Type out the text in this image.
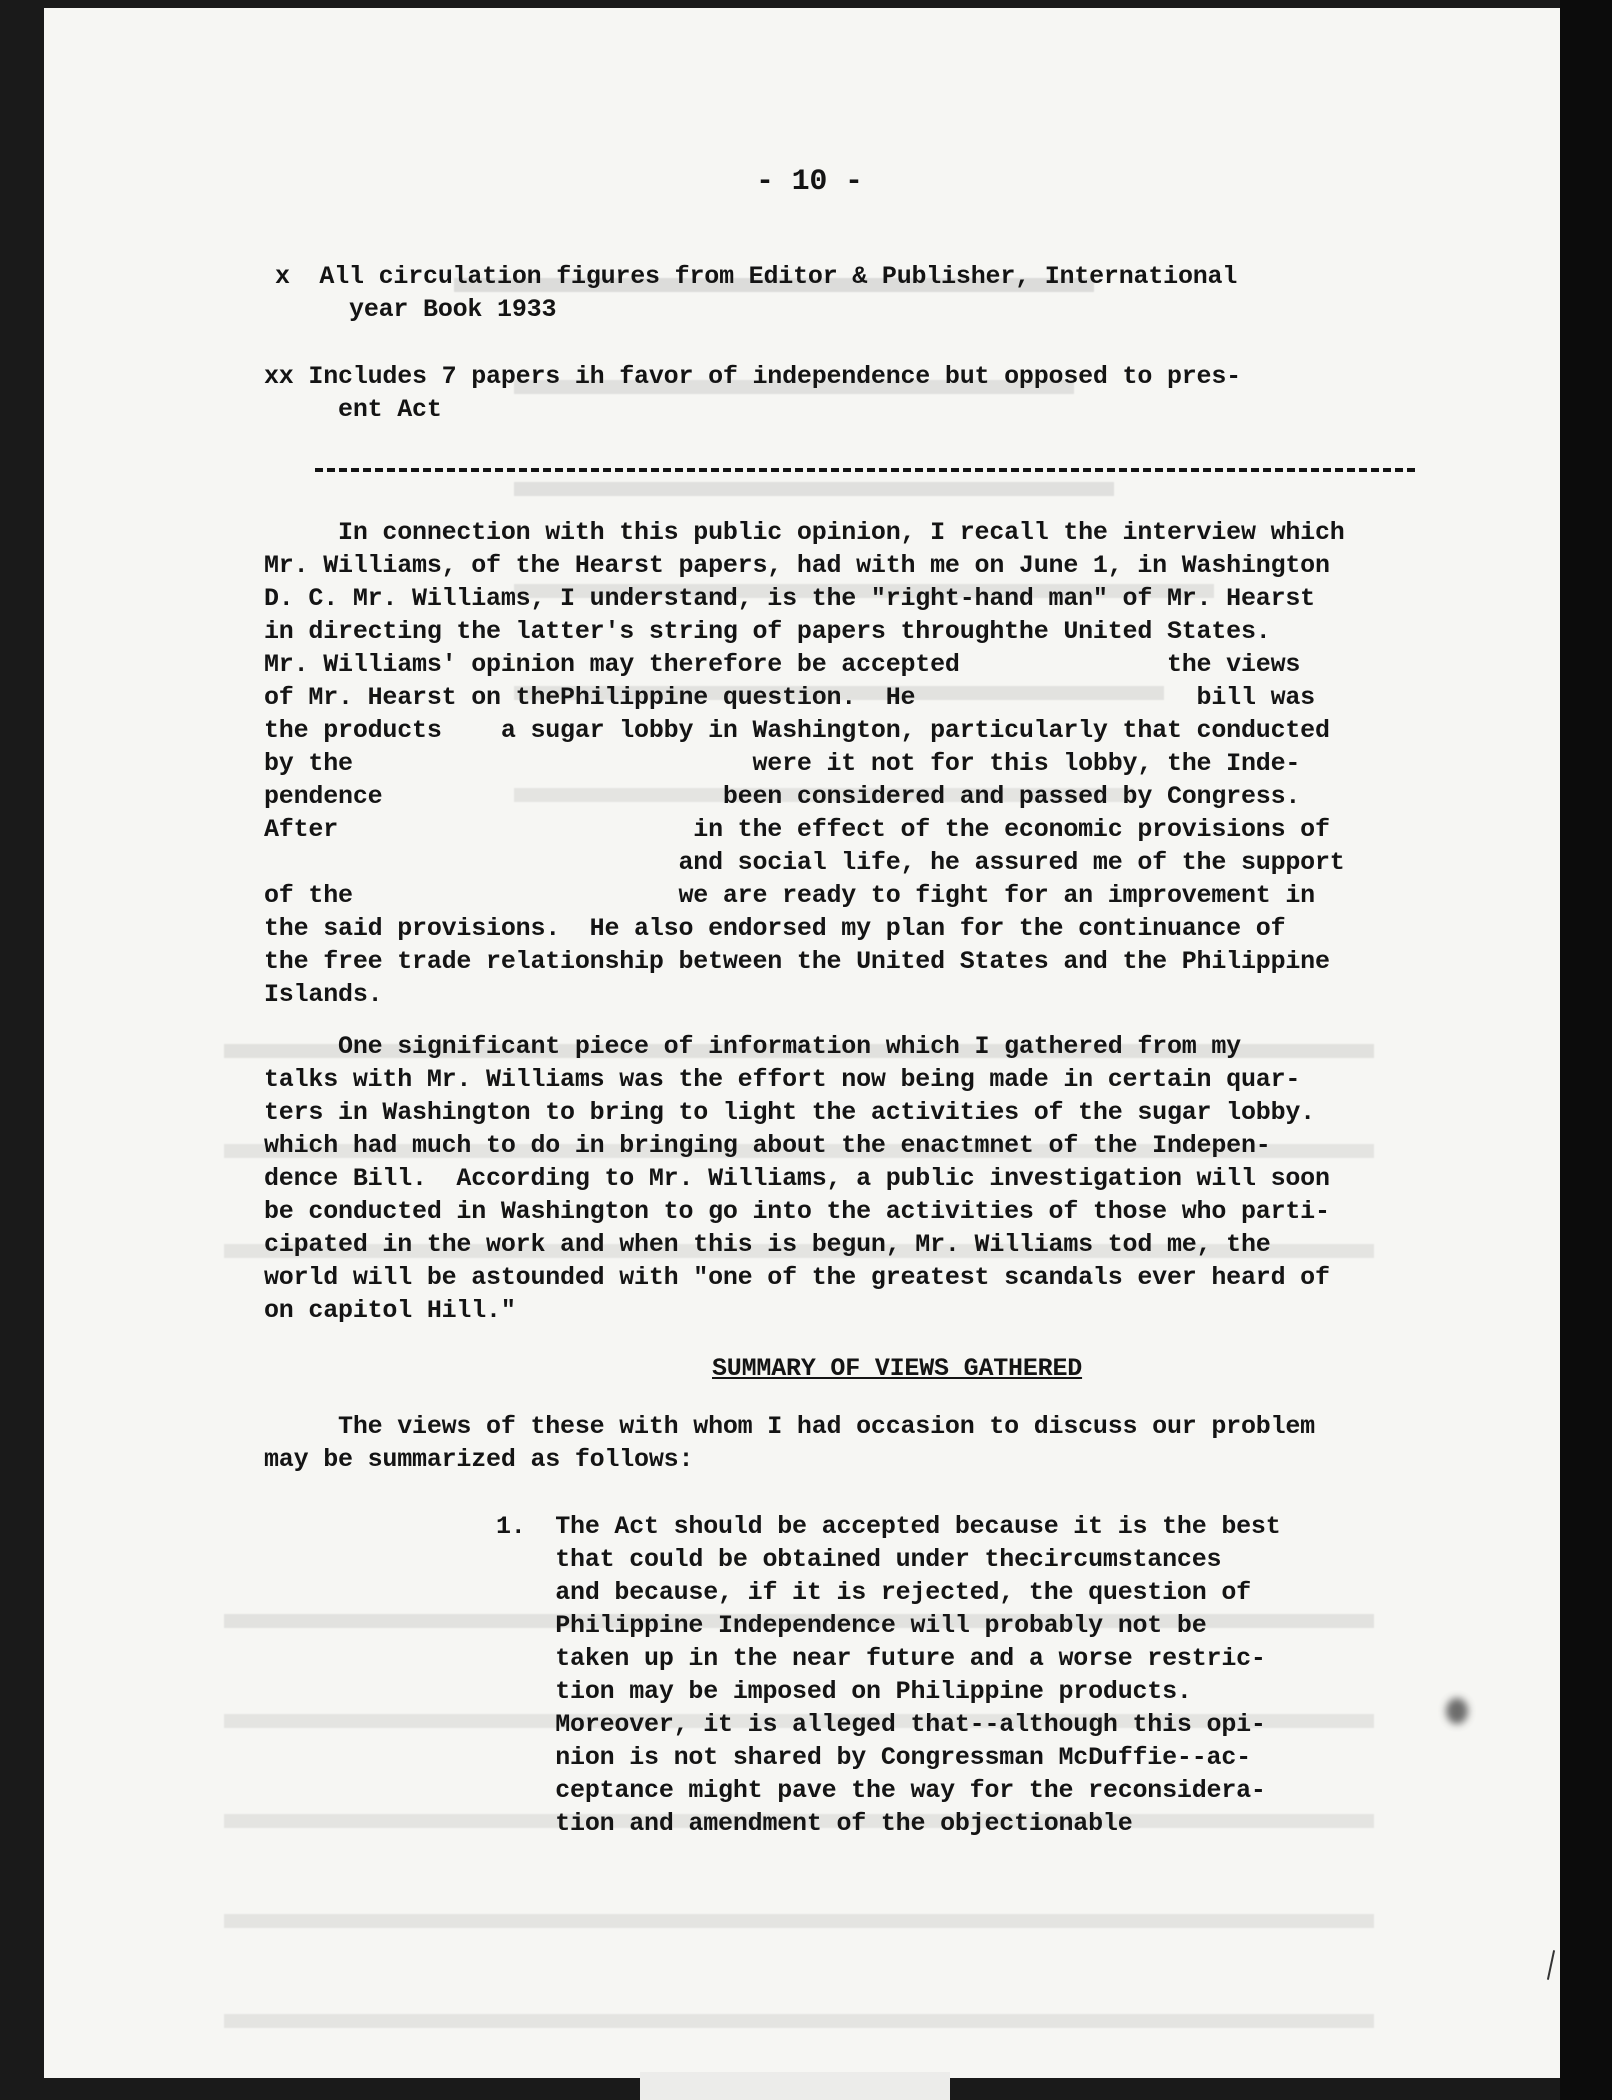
- 10 -

x  All circulation figures from Editor & Publisher, International

year Book 1933

xx Includes 7 papers ih favor of independence but opposed to pres-

ent Act

In connection with this public opinion, I recall the interview which

Mr. Williams, of the Hearst papers, had with me on June 1, in Washington

D. C. Mr. Williams, I understand, is the "right-hand man" of Mr. Hearst

in directing the latter's string of papers throughthe United States.

Mr. Williams' opinion may therefore be accepted              the views

of Mr. Hearst on thePhilippine question.  He                   bill was

the products    a sugar lobby in Washington, particularly that conducted

by the                           were it not for this lobby, the Inde-

pendence                       been considered and passed by Congress.

After                        in the effect of the economic provisions of

and social life, he assured me of the support

of the                      we are ready to fight for an improvement in

the said provisions.  He also endorsed my plan for the continuance of

the free trade relationship between the United States and the Philippine

Islands.

One significant piece of information which I gathered from my

talks with Mr. Williams was the effort now being made in certain quar-

ters in Washington to bring to light the activities of the sugar lobby.

which had much to do in bringing about the enactmnet of the Indepen-

dence Bill.  According to Mr. Williams, a public investigation will soon

be conducted in Washington to go into the activities of those who parti-

cipated in the work and when this is begun, Mr. Williams tod me, the

world will be astounded with "one of the greatest scandals ever heard of

on capitol Hill."

SUMMARY OF VIEWS GATHERED

The views of these with whom I had occasion to discuss our problem

may be summarized as follows:

1.  The Act should be accepted because it is the best

that could be obtained under thecircumstances

and because, if it is rejected, the question of

Philippine Independence will probably not be

taken up in the near future and a worse restric-

tion may be imposed on Philippine products.

Moreover, it is alleged that--although this opi-

nion is not shared by Congressman McDuffie--ac-

ceptance might pave the way for the reconsidera-

tion and amendment of the objectionable
